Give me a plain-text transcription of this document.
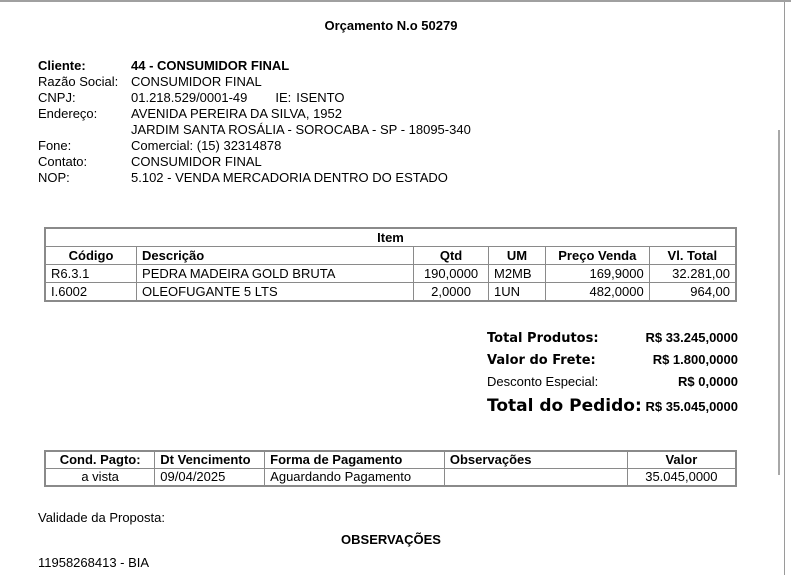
Orçamento N.o 50279
Cliente:	44 - CONSUMIDOR FINAL
Razão Social: CONSUMIDOR FINAL
CNPJ:	01.218.529/0001-49 IE: ISENTO
Endereço:	AVENIDA PEREIRA DA SILVA, 1952
JARDIM SANTA ROSÁLIA - SOROCABA - SP - 18095-340
Fone:	Comercial: (15) 32314878
Contato:	CONSUMIDOR FINAL
NOP:	5.102 - VENDA MERCADORIA DENTRO DO ESTADO
Item					
Código	Descrição	Qtd	UM	Preço Venda	Vl. Total
R6.3.1	PEDRA MADEIRA GOLD BRUTA	190,0000	M2MB	169,9000	32.281,00
I.6002	OLEOFUGANTE 5 LTS	2,0000	1UN	482,0000	964,00
Total Produtos:	R$ 33.245,0000
Valor do Frete:	R$ 1.800,0000
Desconto Especial:	R$ 0,0000
Total do Pedido: R$ 35.045,0000
Cond. Pagto:	Dt Vencimento	Forma de Pagamento	Observações	Valor
a vista	09/04/2025	Aguardando Pagamento		35.045,0000
Validade da Proposta:
OBSERVAÇÕES
11958268413 - BIA
